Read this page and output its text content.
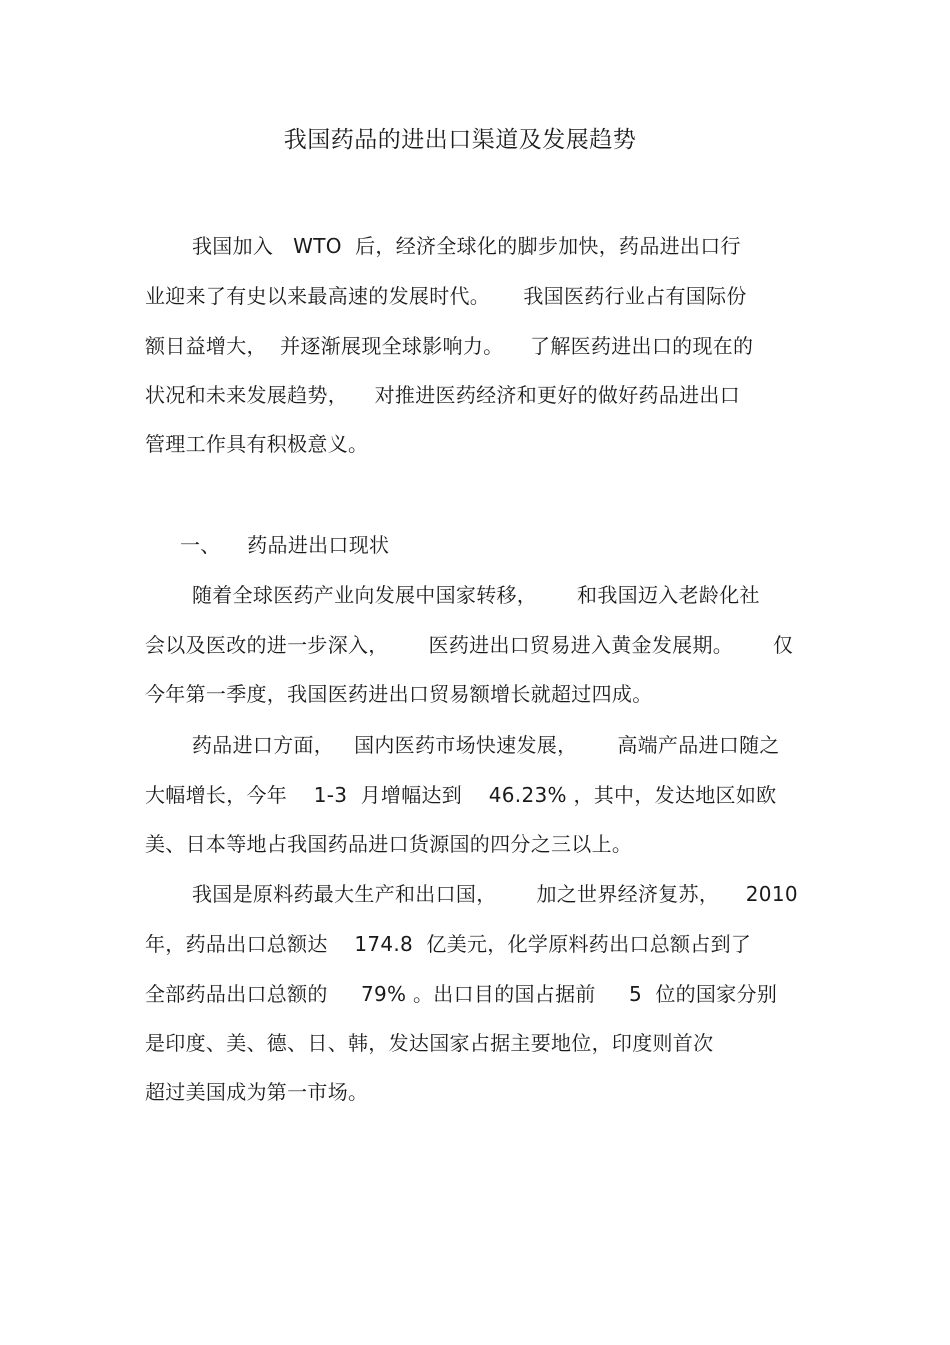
我国药品的进出口渠道及发展趋势
我国加入   WTO  后，经济全球化的脚步加快，药品进出口行
业迎来了有史以来最高速的发展时代。     我国医药行业占有国际份
额日益增大，  并逐渐展现全球影响力。    了解医药进出口的现在的
状况和未来发展趋势，    对推进医药经济和更好的做好药品进出口
管理工作具有积极意义。
一、    药品进出口现状
随着全球医药产业向发展中国家转移，      和我国迈入老龄化社
会以及医改的进一步深入，      医药进出口贸易进入黄金发展期。      仅
今年第一季度，我国医药进出口贸易额增长就超过四成。
药品进口方面，   国内医药市场快速发展，      高端产品进口随之
大幅增长，今年    1-3  月增幅达到    46.23% ，其中，发达地区如欧
美、日本等地占我国药品进口货源国的四分之三以上。
我国是原料药最大生产和出口国，      加之世界经济复苏，    2010
年，药品出口总额达    174.8  亿美元，化学原料药出口总额占到了
全部药品出口总额的     79% 。出口目的国占据前     5  位的国家分别
是印度、美、德、日、韩，发达国家占据主要地位，印度则首次
超过美国成为第一市场。
